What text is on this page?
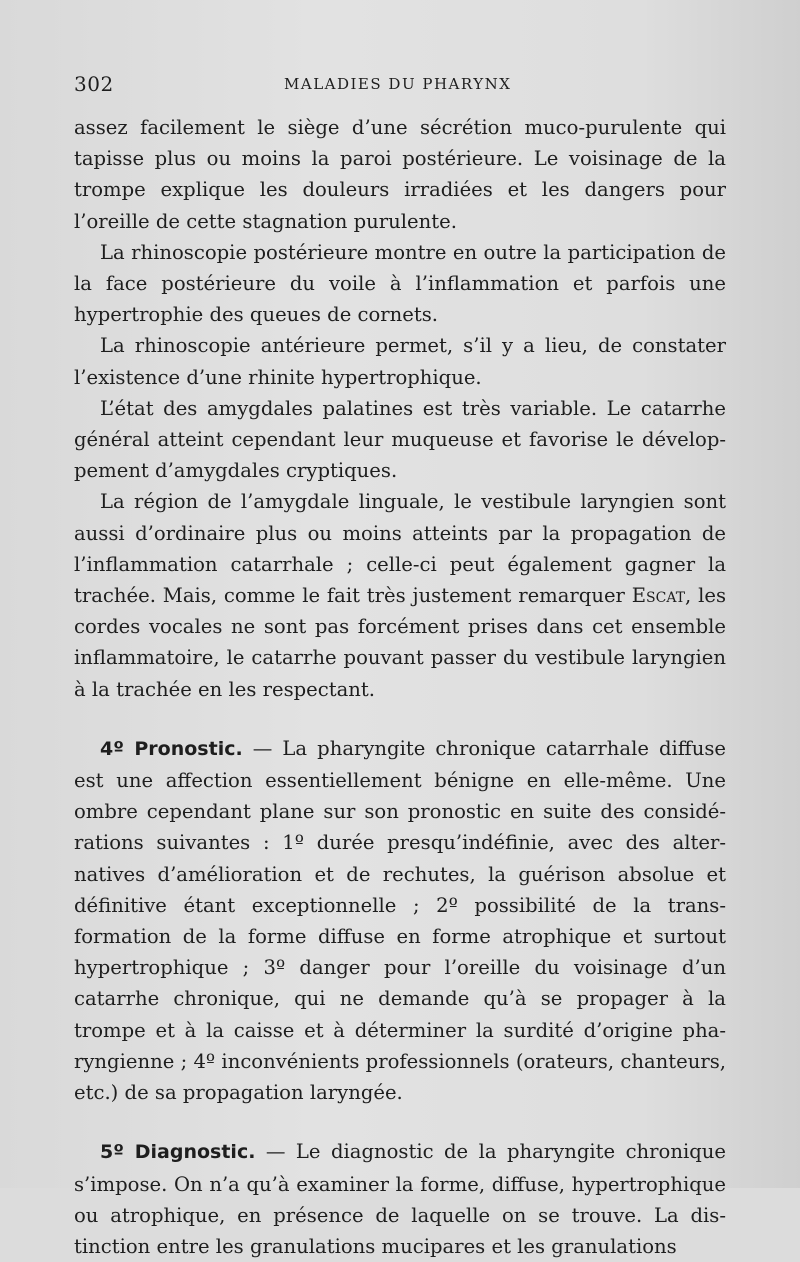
302	MALADIES DU PHARYNX

assez facilement le siège d’une sécrétion muco-purulente qui tapisse plus ou moins la paroi postérieure. Le voisinage de la trompe explique les douleurs irradiées et les dangers pour l’oreille de cette stagnation purulente.

La rhinoscopie postérieure montre en outre la participation de la face postérieure du voile à l’inflammation et parfois une hypertrophie des queues de cornets.

La rhinoscopie antérieure permet, s’il y a lieu, de constater l’existence d’une rhinite hypertrophique.

L’état des amygdales palatines est très variable. Le catarrhe général atteint cependant leur muqueuse et favorise le développement d’amygdales cryptiques.

La région de l’amygdale linguale, le vestibule laryngien sont aussi d’ordinaire plus ou moins atteints par la propagation de l’inflammation catarrhale ; celle-ci peut également gagner la trachée. Mais, comme le fait très justement remarquer Escat, les cordes vocales ne sont pas forcément prises dans cet ensemble inflammatoire, le catarrhe pouvant passer du vestibule laryngien à la trachée en les respectant.

4º Pronostic. — La pharyngite chronique catarrhale diffuse est une affection essentiellement bénigne en elle-même. Une ombre cependant plane sur son pronostic en suite des considérations suivantes : 1º durée presqu’indéfinie, avec des alternatives d’amélioration et de rechutes, la guérison absolue et définitive étant exceptionnelle ; 2º possibilité de la transformation de la forme diffuse en forme atrophique et surtout hypertrophique ; 3º danger pour l’oreille du voisinage d’un catarrhe chronique, qui ne demande qu’à se propager à la trompe et à la caisse et à déterminer la surdité d’origine pharyngienne ; 4º inconvénients professionnels (orateurs, chanteurs, etc.) de sa propagation laryngée.

5º Diagnostic. — Le diagnostic de la pharyngite chronique s’impose. On n’a qu’à examiner la forme, diffuse, hypertrophique ou atrophique, en présence de laquelle on se trouve. La distinction entre les granulations mucipares et les granulations
